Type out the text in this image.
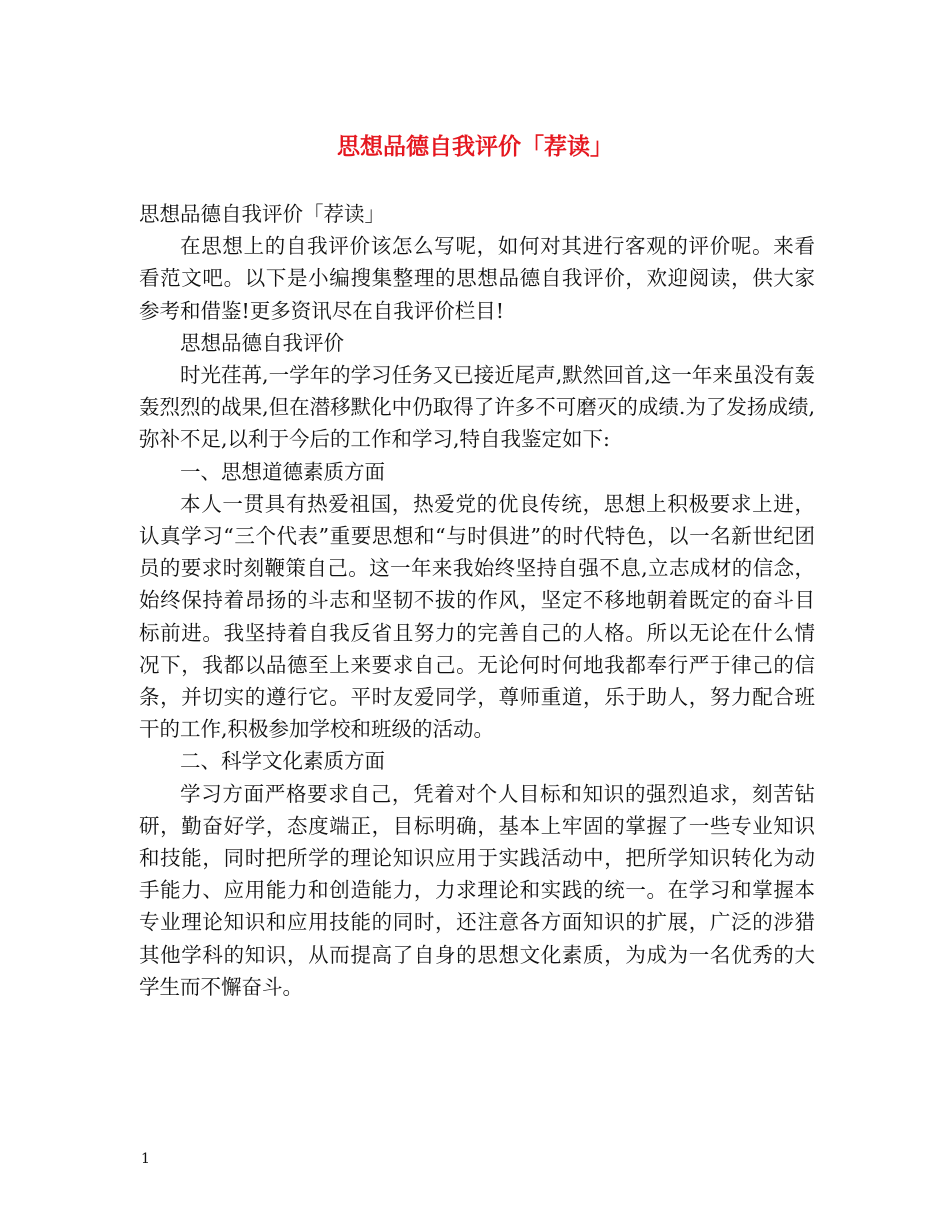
思想品德自我评价「荐读」

思想品德自我评价「荐读」

在思想上的自我评价该怎么写呢，如何对其进行客观的评价呢。来看看范文吧。以下是小编搜集整理的思想品德自我评价，欢迎阅读，供大家参考和借鉴!更多资讯尽在自我评价栏目!

思想品德自我评价

时光荏苒,一学年的学习任务又已接近尾声,默然回首,这一年来虽没有轰轰烈烈的战果,但在潜移默化中仍取得了许多不可磨灭的成绩.为了发扬成绩,弥补不足,以利于今后的工作和学习,特自我鉴定如下:

一、思想道德素质方面

本人一贯具有热爱祖国，热爱党的优良传统，思想上积极要求上进，认真学习“三个代表”重要思想和“与时俱进”的时代特色，以一名新世纪团员的要求时刻鞭策自己。这一年来我始终坚持自强不息,立志成材的信念，始终保持着昂扬的斗志和坚韧不拔的作风，坚定不移地朝着既定的奋斗目标前进。我坚持着自我反省且努力的完善自己的人格。所以无论在什么情况下，我都以品德至上来要求自己。无论何时何地我都奉行严于律己的信条，并切实的遵行它。平时友爱同学，尊师重道，乐于助人，努力配合班干的工作,积极参加学校和班级的活动。

二、科学文化素质方面

学习方面严格要求自己，凭着对个人目标和知识的强烈追求，刻苦钻研，勤奋好学，态度端正，目标明确，基本上牢固的掌握了一些专业知识和技能，同时把所学的理论知识应用于实践活动中，把所学知识转化为动手能力、应用能力和创造能力，力求理论和实践的统一。在学习和掌握本专业理论知识和应用技能的同时，还注意各方面知识的扩展，广泛的涉猎其他学科的知识，从而提高了自身的思想文化素质，为成为一名优秀的大学生而不懈奋斗。

1
